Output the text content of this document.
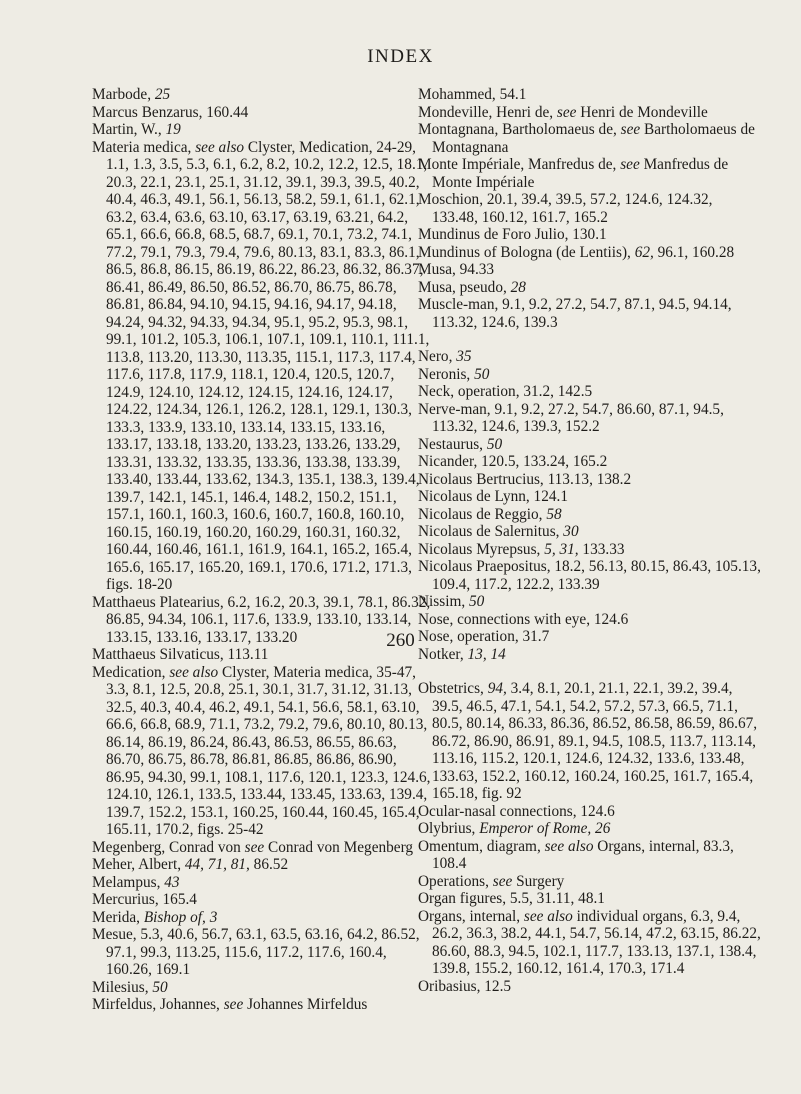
INDEX

Marbode, 25

Marcus Benzarus, 160.44

Martin, W., 19

Materia medica, see also Clyster, Medication, 24-29, 1.1, 1.3, 3.5, 5.3, 6.1, 6.2, 8.2, 10.2, 12.2, 12.5, 18.1, 20.3, 22.1, 23.1, 25.1, 31.12, 39.1, 39.3, 39.5, 40.2, 40.4, 46.3, 49.1, 56.1, 56.13, 58.2, 59.1, 61.1, 62.1, 63.2, 63.4, 63.6, 63.10, 63.17, 63.19, 63.21, 64.2, 65.1, 66.6, 66.8, 68.5, 68.7, 69.1, 70.1, 73.2, 74.1, 77.2, 79.1, 79.3, 79.4, 79.6, 80.13, 83.1, 83.3, 86.1, 86.5, 86.8, 86.15, 86.19, 86.22, 86.23, 86.32, 86.37, 86.41, 86.49, 86.50, 86.52, 86.70, 86.75, 86.78, 86.81, 86.84, 94.10, 94.15, 94.16, 94.17, 94.18, 94.24, 94.32, 94.33, 94.34, 95.1, 95.2, 95.3, 98.1, 99.1, 101.2, 105.3, 106.1, 107.1, 109.1, 110.1, 111.1, 113.8, 113.20, 113.30, 113.35, 115.1, 117.3, 117.4, 117.6, 117.8, 117.9, 118.1, 120.4, 120.5, 120.7, 124.9, 124.10, 124.12, 124.15, 124.16, 124.17, 124.22, 124.34, 126.1, 126.2, 128.1, 129.1, 130.3, 133.3, 133.9, 133.10, 133.14, 133.15, 133.16, 133.17, 133.18, 133.20, 133.23, 133.26, 133.29, 133.31, 133.32, 133.35, 133.36, 133.38, 133.39, 133.40, 133.44, 133.62, 134.3, 135.1, 138.3, 139.4, 139.7, 142.1, 145.1, 146.4, 148.2, 150.2, 151.1, 157.1, 160.1, 160.3, 160.6, 160.7, 160.8, 160.10, 160.15, 160.19, 160.20, 160.29, 160.31, 160.32, 160.44, 160.46, 161.1, 161.9, 164.1, 165.2, 165.4, 165.6, 165.17, 165.20, 169.1, 170.6, 171.2, 171.3, figs. 18-20

Matthaeus Platearius, 6.2, 16.2, 20.3, 39.1, 78.1, 86.32, 86.85, 94.34, 106.1, 117.6, 133.9, 133.10, 133.14, 133.15, 133.16, 133.17, 133.20

Matthaeus Silvaticus, 113.11

Medication, see also Clyster, Materia medica, 35-47, 3.3, 8.1, 12.5, 20.8, 25.1, 30.1, 31.7, 31.12, 31.13, 32.5, 40.3, 40.4, 46.2, 49.1, 54.1, 56.6, 58.1, 63.10, 66.6, 66.8, 68.9, 71.1, 73.2, 79.2, 79.6, 80.10, 80.13, 86.14, 86.19, 86.24, 86.43, 86.53, 86.55, 86.63, 86.70, 86.75, 86.78, 86.81, 86.85, 86.86, 86.90, 86.95, 94.30, 99.1, 108.1, 117.6, 120.1, 123.3, 124.6, 124.10, 126.1, 133.5, 133.44, 133.45, 133.63, 139.4, 139.7, 152.2, 153.1, 160.25, 160.44, 160.45, 165.4, 165.11, 170.2, figs. 25-42

Megenberg, Conrad von see Conrad von Megenberg

Meher, Albert, 44, 71, 81, 86.52

Melampus, 43

Mercurius, 165.4

Merida, Bishop of, 3

Mesue, 5.3, 40.6, 56.7, 63.1, 63.5, 63.16, 64.2, 86.52, 97.1, 99.3, 113.25, 115.6, 117.2, 117.6, 160.4, 160.26, 169.1

Milesius, 50

Mirfeldus, Johannes, see Johannes Mirfeldus

Mohammed, 54.1

Mondeville, Henri de, see Henri de Mondeville

Montagnana, Bartholomaeus de, see Bartholomaeus de Montagnana

Monte Impériale, Manfredus de, see Manfredus de Monte Impériale

Moschion, 20.1, 39.4, 39.5, 57.2, 124.6, 124.32, 133.48, 160.12, 161.7, 165.2

Mundinus de Foro Julio, 130.1

Mundinus of Bologna (de Lentiis), 62, 96.1, 160.28

Musa, 94.33

Musa, pseudo, 28

Muscle-man, 9.1, 9.2, 27.2, 54.7, 87.1, 94.5, 94.14, 113.32, 124.6, 139.3

Nero, 35

Neronis, 50

Neck, operation, 31.2, 142.5

Nerve-man, 9.1, 9.2, 27.2, 54.7, 86.60, 87.1, 94.5, 113.32, 124.6, 139.3, 152.2

Nestaurus, 50

Nicander, 120.5, 133.24, 165.2

Nicolaus Bertrucius, 113.13, 138.2

Nicolaus de Lynn, 124.1

Nicolaus de Reggio, 58

Nicolaus de Salernitus, 30

Nicolaus Myrepsus, 5, 31, 133.33

Nicolaus Praepositus, 18.2, 56.13, 80.15, 86.43, 105.13, 109.4, 117.2, 122.2, 133.39

Nissim, 50

Nose, connections with eye, 124.6

Nose, operation, 31.7

Notker, 13, 14

Obstetrics, 94, 3.4, 8.1, 20.1, 21.1, 22.1, 39.2, 39.4, 39.5, 46.5, 47.1, 54.1, 54.2, 57.2, 57.3, 66.5, 71.1, 80.5, 80.14, 86.33, 86.36, 86.52, 86.58, 86.59, 86.67, 86.72, 86.90, 86.91, 89.1, 94.5, 108.5, 113.7, 113.14, 113.16, 115.2, 120.1, 124.6, 124.32, 133.6, 133.48, 133.63, 152.2, 160.12, 160.24, 160.25, 161.7, 165.4, 165.18, fig. 92

Ocular-nasal connections, 124.6

Olybrius, Emperor of Rome, 26

Omentum, diagram, see also Organs, internal, 83.3, 108.4

Operations, see Surgery

Organ figures, 5.5, 31.11, 48.1

Organs, internal, see also individual organs, 6.3, 9.4, 26.2, 36.3, 38.2, 44.1, 54.7, 56.14, 47.2, 63.15, 86.22, 86.60, 88.3, 94.5, 102.1, 117.7, 133.13, 137.1, 138.4, 139.8, 155.2, 160.12, 161.4, 170.3, 171.4

Oribasius, 12.5

260
